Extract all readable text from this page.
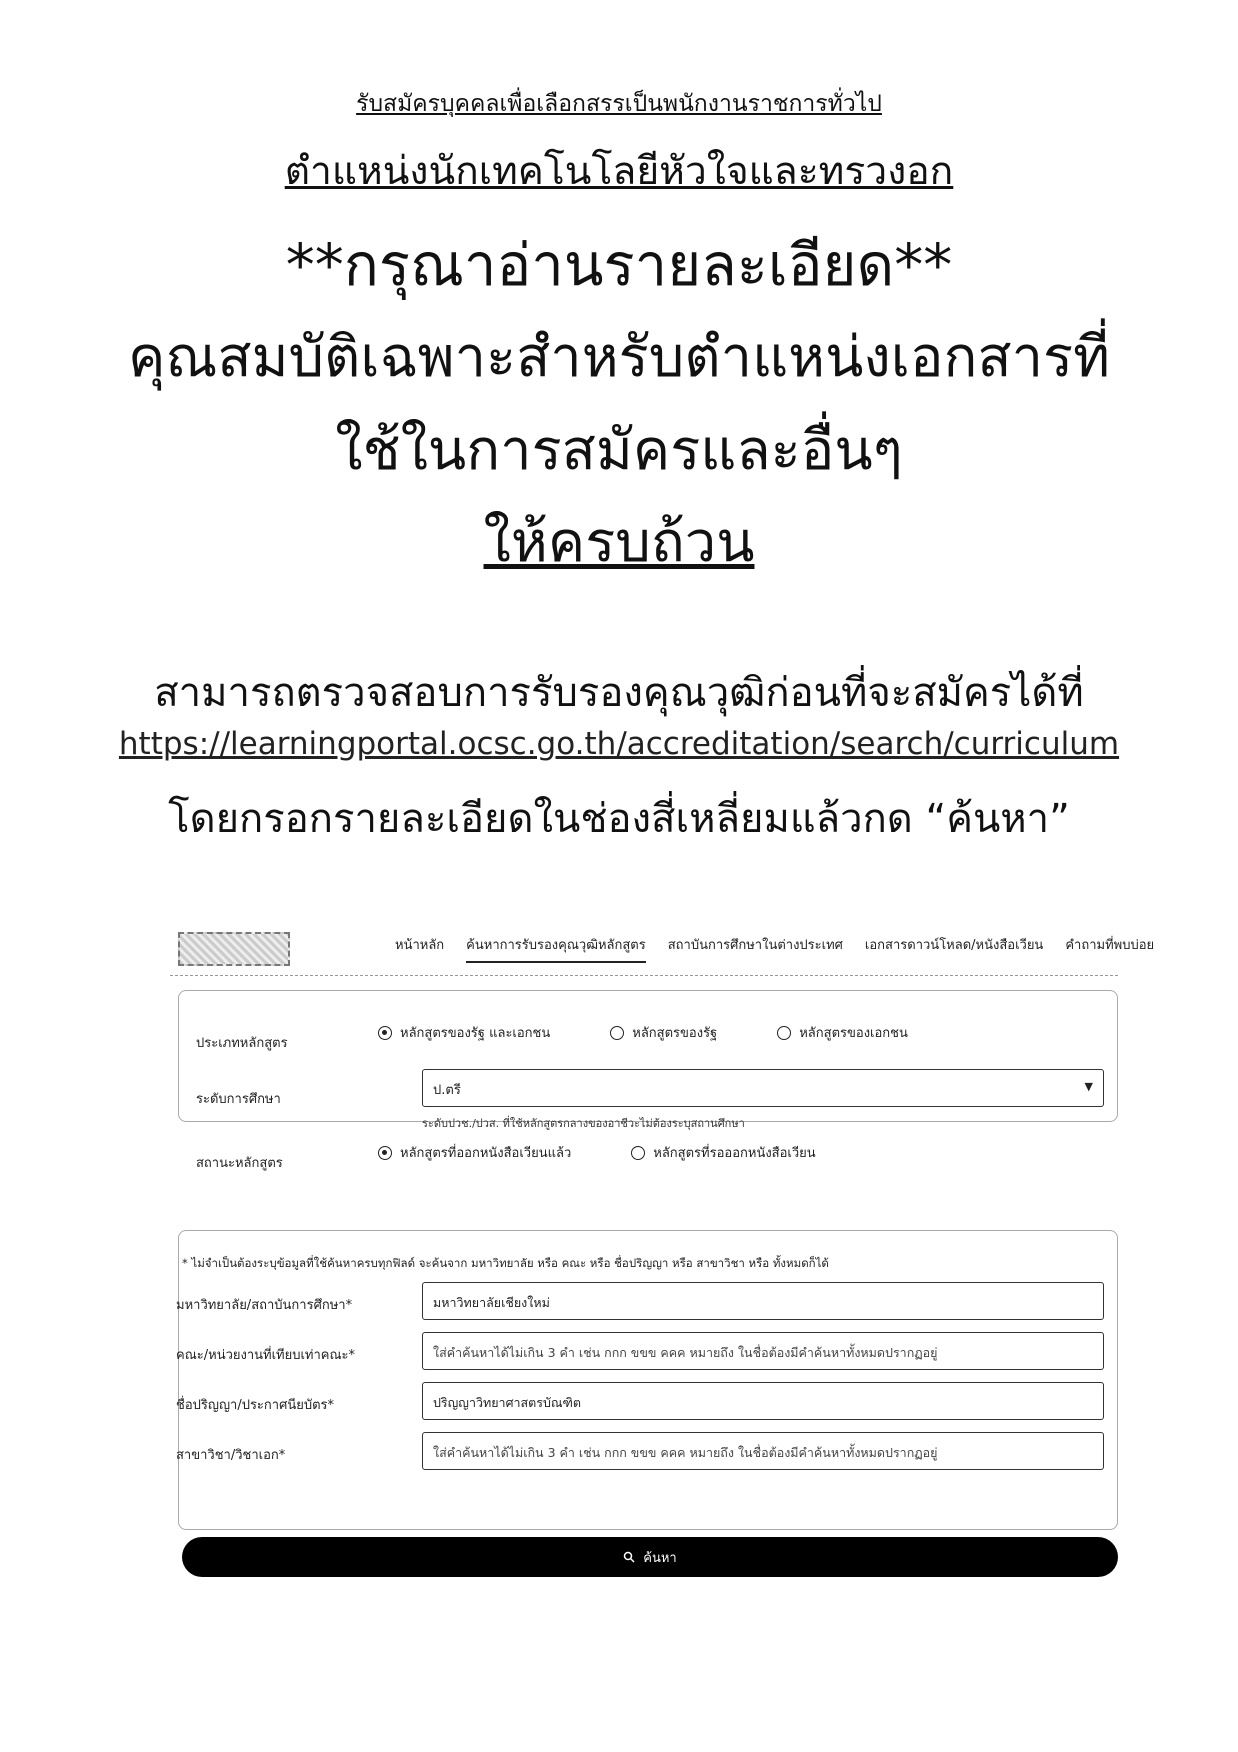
รับสมัครบุคคลเพื่อเลือกสรรเป็นพนักงานราชการทั่วไป
ตำแหน่งนักเทคโนโลยีหัวใจและทรวงอก
**กรุณาอ่านรายละเอียด**
คุณสมบัติเฉพาะสำหรับตำแหน่งเอกสารที่
ใช้ในการสมัครและอื่นๆ
ให้ครบถ้วน
สามารถตรวจสอบการรับรองคุณวุฒิก่อนที่จะสมัครได้ที่
https://learningportal.ocsc.go.th/accreditation/search/curriculum
โดยกรอกรายละเอียดในช่องสี่เหลี่ยมแล้วกด “ค้นหา”
หน้าหลัก ค้นหาการรับรองคุณวุฒิหลักสูตร สถาบันการศึกษาในต่างประเทศ เอกสารดาวน์โหลด/หนังสือเวียน คำถามที่พบบ่อย
ประเภทหลักสูตร
หลักสูตรของรัฐ และเอกชน	หลักสูตรของรัฐ	หลักสูตรของเอกชน
ระดับการศึกษา
ป.ตรี	▼
ระดับปวช./ปวส. ที่ใช้หลักสูตรกลางของอาชีวะไม่ต้องระบุสถานศึกษา
สถานะหลักสูตร
หลักสูตรที่ออกหนังสือเวียนแล้ว	หลักสูตรที่รอออกหนังสือเวียน
* ไม่จำเป็นต้องระบุข้อมูลที่ใช้ค้นหาครบทุกฟิลด์ จะค้นจาก มหาวิทยาลัย หรือ คณะ หรือ ชื่อปริญญา หรือ สาขาวิชา หรือ ทั้งหมดก็ได้
มหาวิทยาลัย/สถาบันการศึกษา*	มหาวิทยาลัยเชียงใหม่
คณะ/หน่วยงานที่เทียบเท่าคณะ*	ใส่คำค้นหาได้ไม่เกิน 3 คำ เช่น กกก ขขข คคค หมายถึง ในชื่อต้องมีคำค้นหาทั้งหมดปรากฏอยู่
ชื่อปริญญา/ประกาศนียบัตร*	ปริญญาวิทยาศาสตรบัณฑิต
สาขาวิชา/วิชาเอก*	ใส่คำค้นหาได้ไม่เกิน 3 คำ เช่น กกก ขขข คคค หมายถึง ในชื่อต้องมีคำค้นหาทั้งหมดปรากฏอยู่
ค้นหา
